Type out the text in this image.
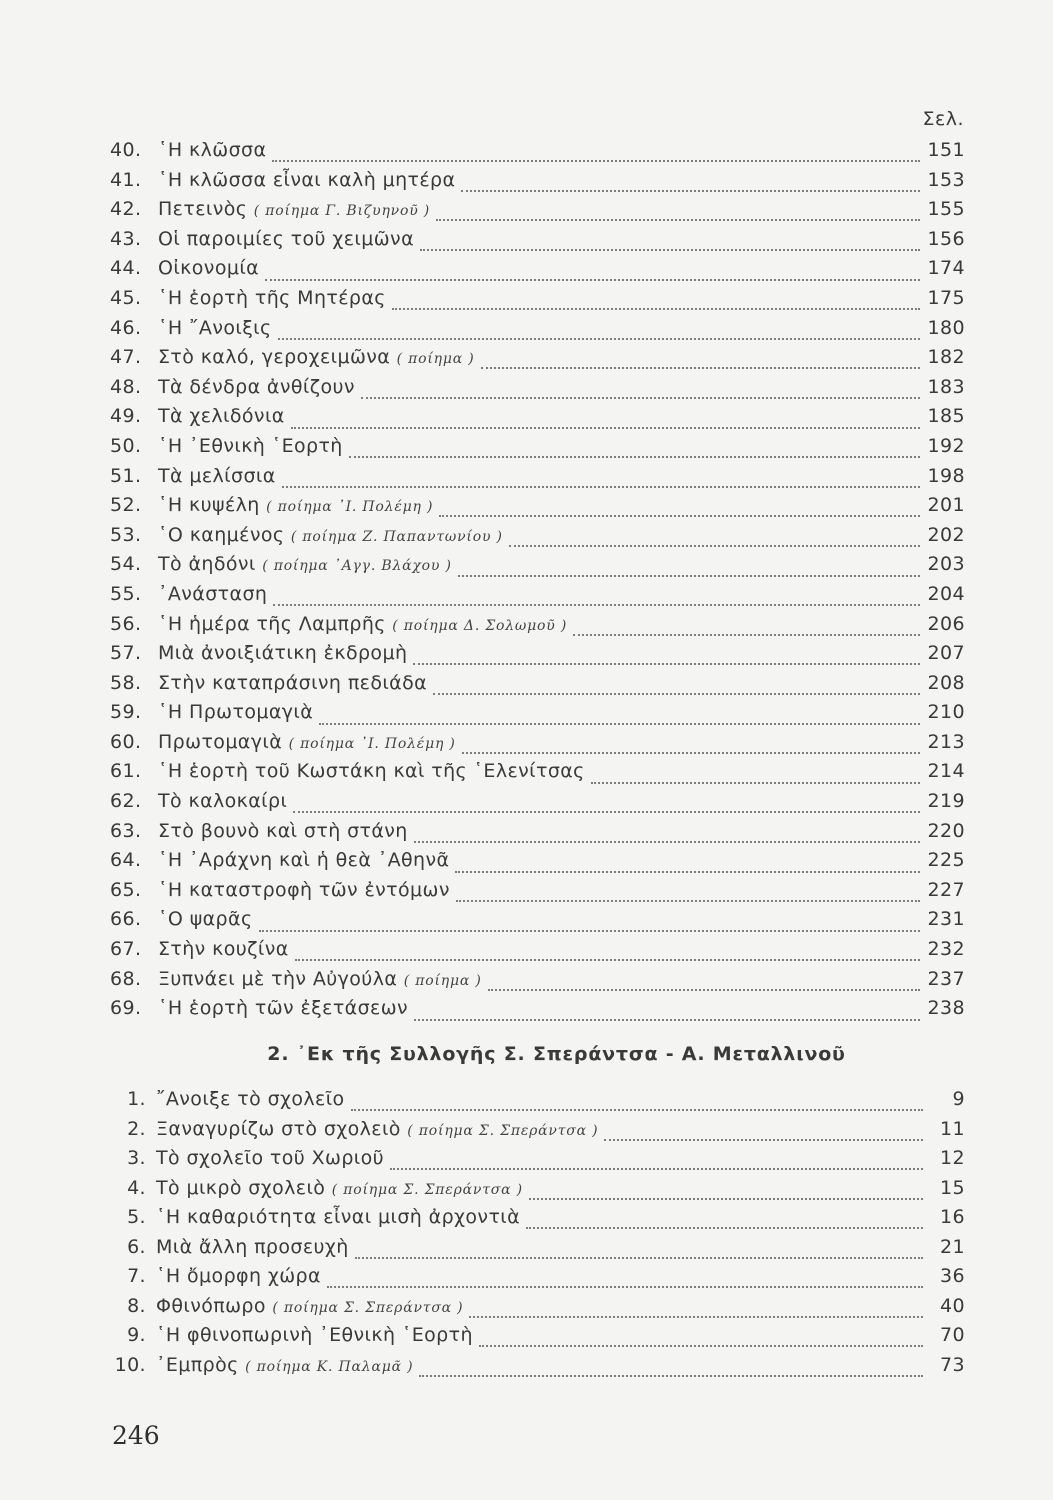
Σελ.
40. ῾Η κλῶσσα	151
41. ῾Η κλῶσσα εἶναι καλὴ μητέρα	153
42. Πετεινὸς ( ποίημα Γ. Βιζυηνοῦ )	155
43. Οἱ παροιμίες τοῦ χειμῶνα	156
44. Οἰκονομία	174
45. ῾Η ἑορτὴ τῆς Μητέρας	175
46. ῾Η ῎Ανοιξις	180
47. Στὸ καλό, γεροχειμῶνα ( ποίημα )	182
48. Τὰ δένδρα ἀνθίζουν	183
49. Τὰ χελιδόνια	185
50. ῾Η ᾿Εθνικὴ ῾Εορτὴ	192
51. Τὰ μελίσσια	198
52. ῾Η κυψέλη ( ποίημα ᾿Ι. Πολέμη )	201
53. ῾Ο καημένος ( ποίημα Ζ. Παπαντωνίου )	202
54. Τὸ ἀηδόνι ( ποίημα ᾿Αγγ. Βλάχου )	203
55. ᾿Ανάσταση	204
56. ῾Η ἡμέρα τῆς Λαμπρῆς ( ποίημα Δ. Σολωμοῦ )	206
57. Μιὰ ἀνοιξιάτικη ἐκδρομὴ	207
58. Στὴν καταπράσινη πεδιάδα	208
59. ῾Η Πρωτομαγιὰ	210
60. Πρωτομαγιὰ ( ποίημα ᾿Ι. Πολέμη )	213
61. ῾Η ἑορτὴ τοῦ Κωστάκη καὶ τῆς ῾Ελενίτσας	214
62. Τὸ καλοκαίρι	219
63. Στὸ βουνὸ καὶ στὴ στάνη	220
64. ῾Η ᾿Αράχνη καὶ ἡ θεὰ ᾿Αθηνᾶ	225
65. ῾Η καταστροφὴ τῶν ἐντόμων	227
66. ῾Ο ψαρᾶς	231
67. Στὴν κουζίνα	232
68. Ξυπνάει μὲ τὴν Αὐγούλα ( ποίημα )	237
69. ῾Η ἑορτὴ τῶν ἐξετάσεων	238
2. ᾿Εκ τῆς Συλλογῆς Σ. Σπεράντσα - Α. Μεταλλινοῦ
1. ῎Ανοιξε τὸ σχολεῖο	9
2. Ξαναγυρίζω στὸ σχολειὸ ( ποίημα Σ. Σπεράντσα )	11
3. Τὸ σχολεῖο τοῦ Χωριοῦ	12
4. Τὸ μικρὸ σχολειὸ ( ποίημα Σ. Σπεράντσα )	15
5. ῾Η καθαριότητα εἶναι μισὴ ἀρχοντιὰ	16
6. Μιὰ ἄλλη προσευχὴ	21
7. ῾Η ὄμορφη χώρα	36
8. Φθινόπωρο ( ποίημα Σ. Σπεράντσα )	40
9. ῾Η φθινοπωρινὴ ᾿Εθνικὴ ῾Εορτὴ	70
10. ᾿Εμπρὸς ( ποίημα Κ. Παλαμᾶ )	73
246
